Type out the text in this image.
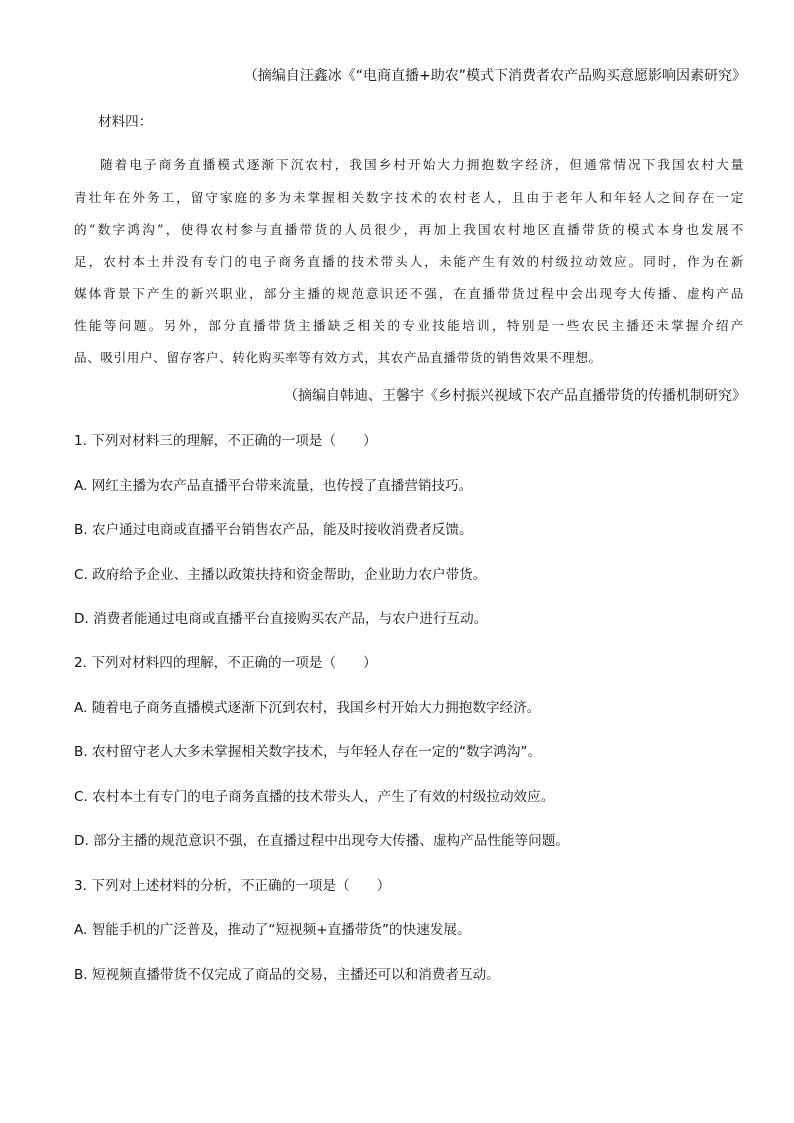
（摘编自汪鑫冰《“电商直播+助农”模式下消费者农产品购买意愿影响因素研究》
材料四：
随着电子商务直播模式逐渐下沉农村，我国乡村开始大力拥抱数字经济，但通常情况下我国农村大量
青壮年在外务工，留守家庭的多为未掌握相关数字技术的农村老人，且由于老年人和年轻人之间存在一定
的“数字鸿沟”，使得农村参与直播带货的人员很少，再加上我国农村地区直播带货的模式本身也发展不
足，农村本土并没有专门的电子商务直播的技术带头人，未能产生有效的村级拉动效应。同时，作为在新
媒体背景下产生的新兴职业，部分主播的规范意识还不强，在直播带货过程中会出现夸大传播、虚构产品
性能等问题。另外，部分直播带货主播缺乏相关的专业技能培训，特别是一些农民主播还未掌握介绍产
品、吸引用户、留存客户、转化购买率等有效方式，其农产品直播带货的销售效果不理想。
（摘编自韩迪、王馨宇《乡村振兴视域下农产品直播带货的传播机制研究》
1. 下列对材料三的理解，不正确的一项是（　　）
A. 网红主播为农产品直播平台带来流量，也传授了直播营销技巧。
B. 农户通过电商或直播平台销售农产品，能及时接收消费者反馈。
C. 政府给予企业、主播以政策扶持和资金帮助，企业助力农户带货。
D. 消费者能通过电商或直播平台直接购买农产品，与农户进行互动。
2. 下列对材料四的理解，不正确的一项是（　　）
A. 随着电子商务直播模式逐渐下沉到农村，我国乡村开始大力拥抱数字经济。
B. 农村留守老人大多未掌握相关数字技术，与年轻人存在一定的“数字鸿沟”。
C. 农村本土有专门的电子商务直播的技术带头人，产生了有效的村级拉动效应。
D. 部分主播的规范意识不强，在直播过程中出现夸大传播、虚构产品性能等问题。
3. 下列对上述材料的分析，不正确的一项是（　　）
A. 智能手机的广泛普及，推动了“短视频+直播带货”的快速发展。
B. 短视频直播带货不仅完成了商品的交易，主播还可以和消费者互动。
